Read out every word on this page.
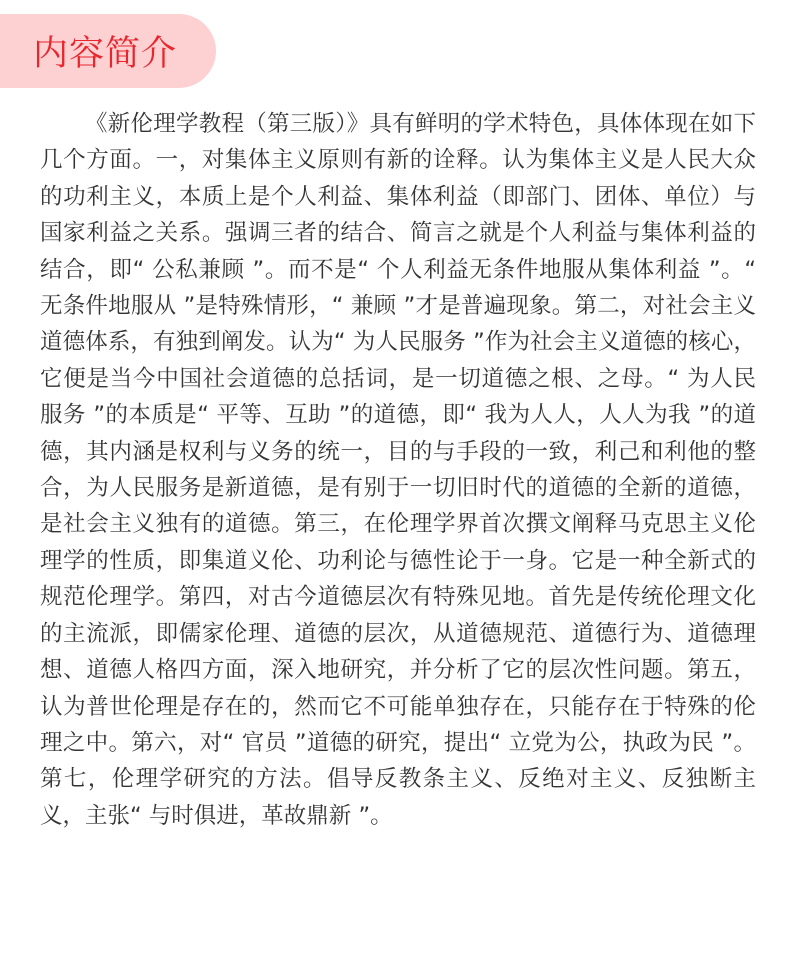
内容简介

《新伦理学教程（第三版）》具有鲜明的学术特色，具体体现在如下几个方面。一，对集体主义原则有新的诠释。认为集体主义是人民大众的功利主义，本质上是个人利益、集体利益（即部门、团体、单位）与国家利益之关系。强调三者的结合、简言之就是个人利益与集体利益的结合，即“ 公私兼顾 ”。而不是“ 个人利益无条件地服从集体利益 ”。“ 无条件地服从 ”是特殊情形，“ 兼顾 ”才是普遍现象。第二，对社会主义道德体系，有独到阐发。认为“ 为人民服务 ”作为社会主义道德的核心，它便是当今中国社会道德的总括词，是一切道德之根、之母。“ 为人民服务 ”的本质是“ 平等、互助 ”的道德，即“ 我为人人，人人为我 ”的道德，其内涵是权利与义务的统一，目的与手段的一致，利己和利他的整合，为人民服务是新道德，是有别于一切旧时代的道德的全新的道德，是社会主义独有的道德。第三，在伦理学界首次撰文阐释马克思主义伦理学的性质，即集道义伦、功利论与德性论于一身。它是一种全新式的规范伦理学。第四，对古今道德层次有特殊见地。首先是传统伦理文化的主流派，即儒家伦理、道德的层次，从道德规范、道德行为、道德理想、道德人格四方面，深入地研究，并分析了它的层次性问题。第五，认为普世伦理是存在的，然而它不可能单独存在，只能存在于特殊的伦理之中。第六，对“ 官员 ”道德的研究，提出“ 立党为公，执政为民 ”。第七，伦理学研究的方法。倡导反教条主义、反绝对主义、反独断主义，主张“ 与时俱进，革故鼎新 ”。
